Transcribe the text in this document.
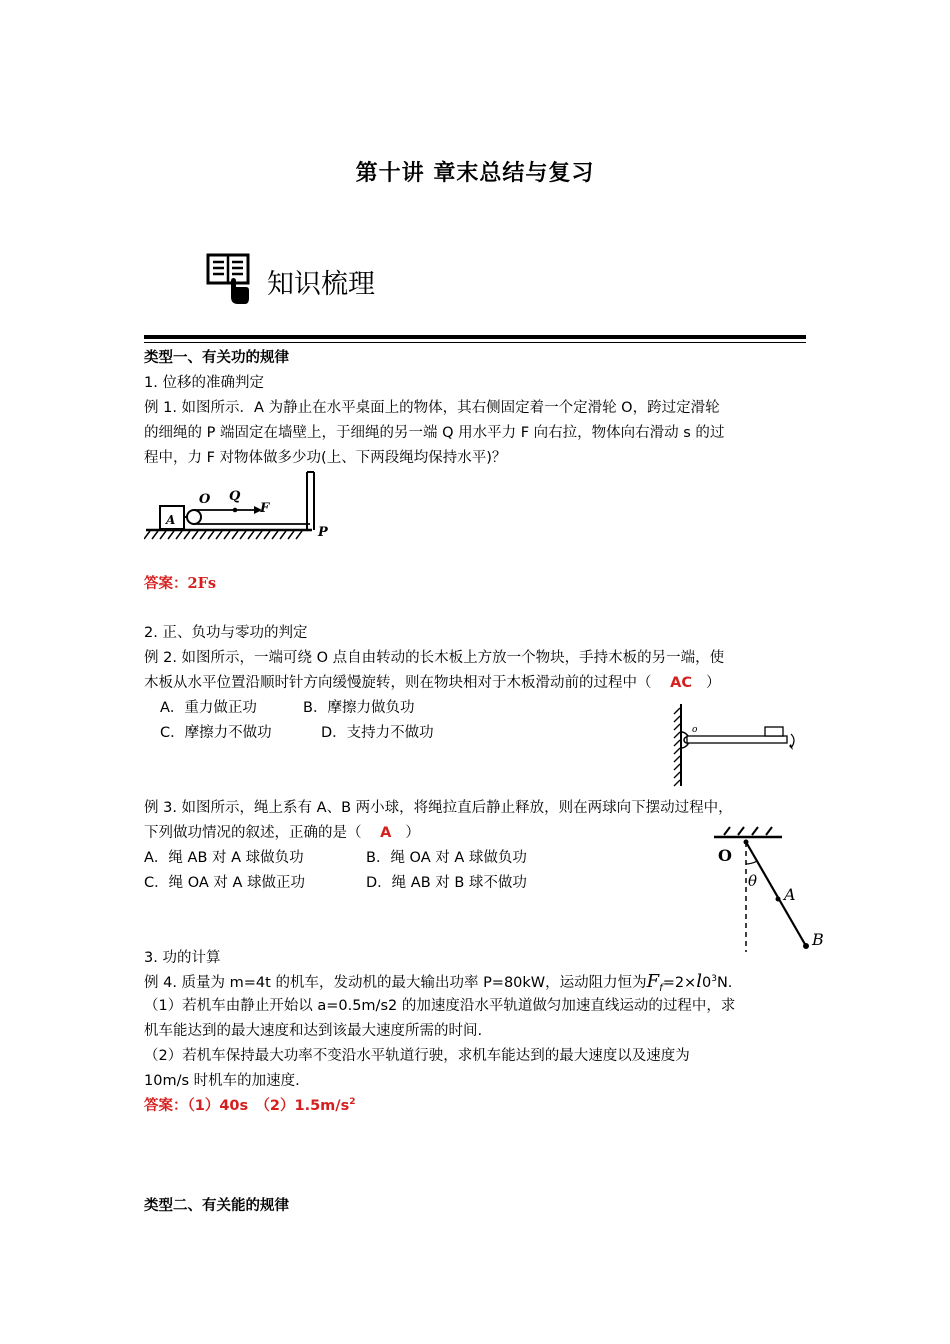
第十讲 章末总结与复习
知识梳理
类型一、有关功的规律
1. 位移的准确判定
例 1. 如图所示．A 为静止在水平桌面上的物体，其右侧固定着一个定滑轮 O，跨过定滑轮
的细绳的 P 端固定在墙壁上，于细绳的另一端 Q 用水平力 F 向右拉，物体向右滑动 s 的过
程中，力 F 对物体做多少功(上、下两段绳均保持水平)？
A
O Q
F
P
答案：2Fs
2. 正、负功与零功的判定
例 2. 如图所示，一端可绕 O 点自由转动的长木板上方放一个物块，手持木板的另一端，使
木板从水平位置沿顺时针方向缓慢旋转，则在物块相对于木板滑动前的过程中（ AC ）
A．重力做正功	B．摩擦力做负功
C．摩擦力不做功	D．支持力不做功	o
例 3. 如图所示，绳上系有 A、B 两小球，将绳拉直后静止释放，则在两球向下摆动过程中，
下列做功情况的叙述，正确的是（ A ）
A．绳 AB 对 A 球做负功	B．绳 OA 对 A 球做负功
C．绳 OA 对 A 球做正功	D．绳 AB 对 B 球不做功
O
θ
A
B
3. 功的计算
例 4. 质量为 m=4t 的机车，发动机的最大输出功率 P=80kW，运动阻力恒为$F_f=2\times l0^3N$.
（1）若机车由静止开始以 a=0.5m/s2 的加速度沿水平轨道做匀加速直线运动的过程中，求
机车能达到的最大速度和达到该最大速度所需的时间.
（2）若机车保持最大功率不变沿水平轨道行驶，求机车能达到的最大速度以及速度为
10m/s 时机车的加速度.
答案：（1）40s　$(2)1.5m/s^2$
类型二、有关能的规律
